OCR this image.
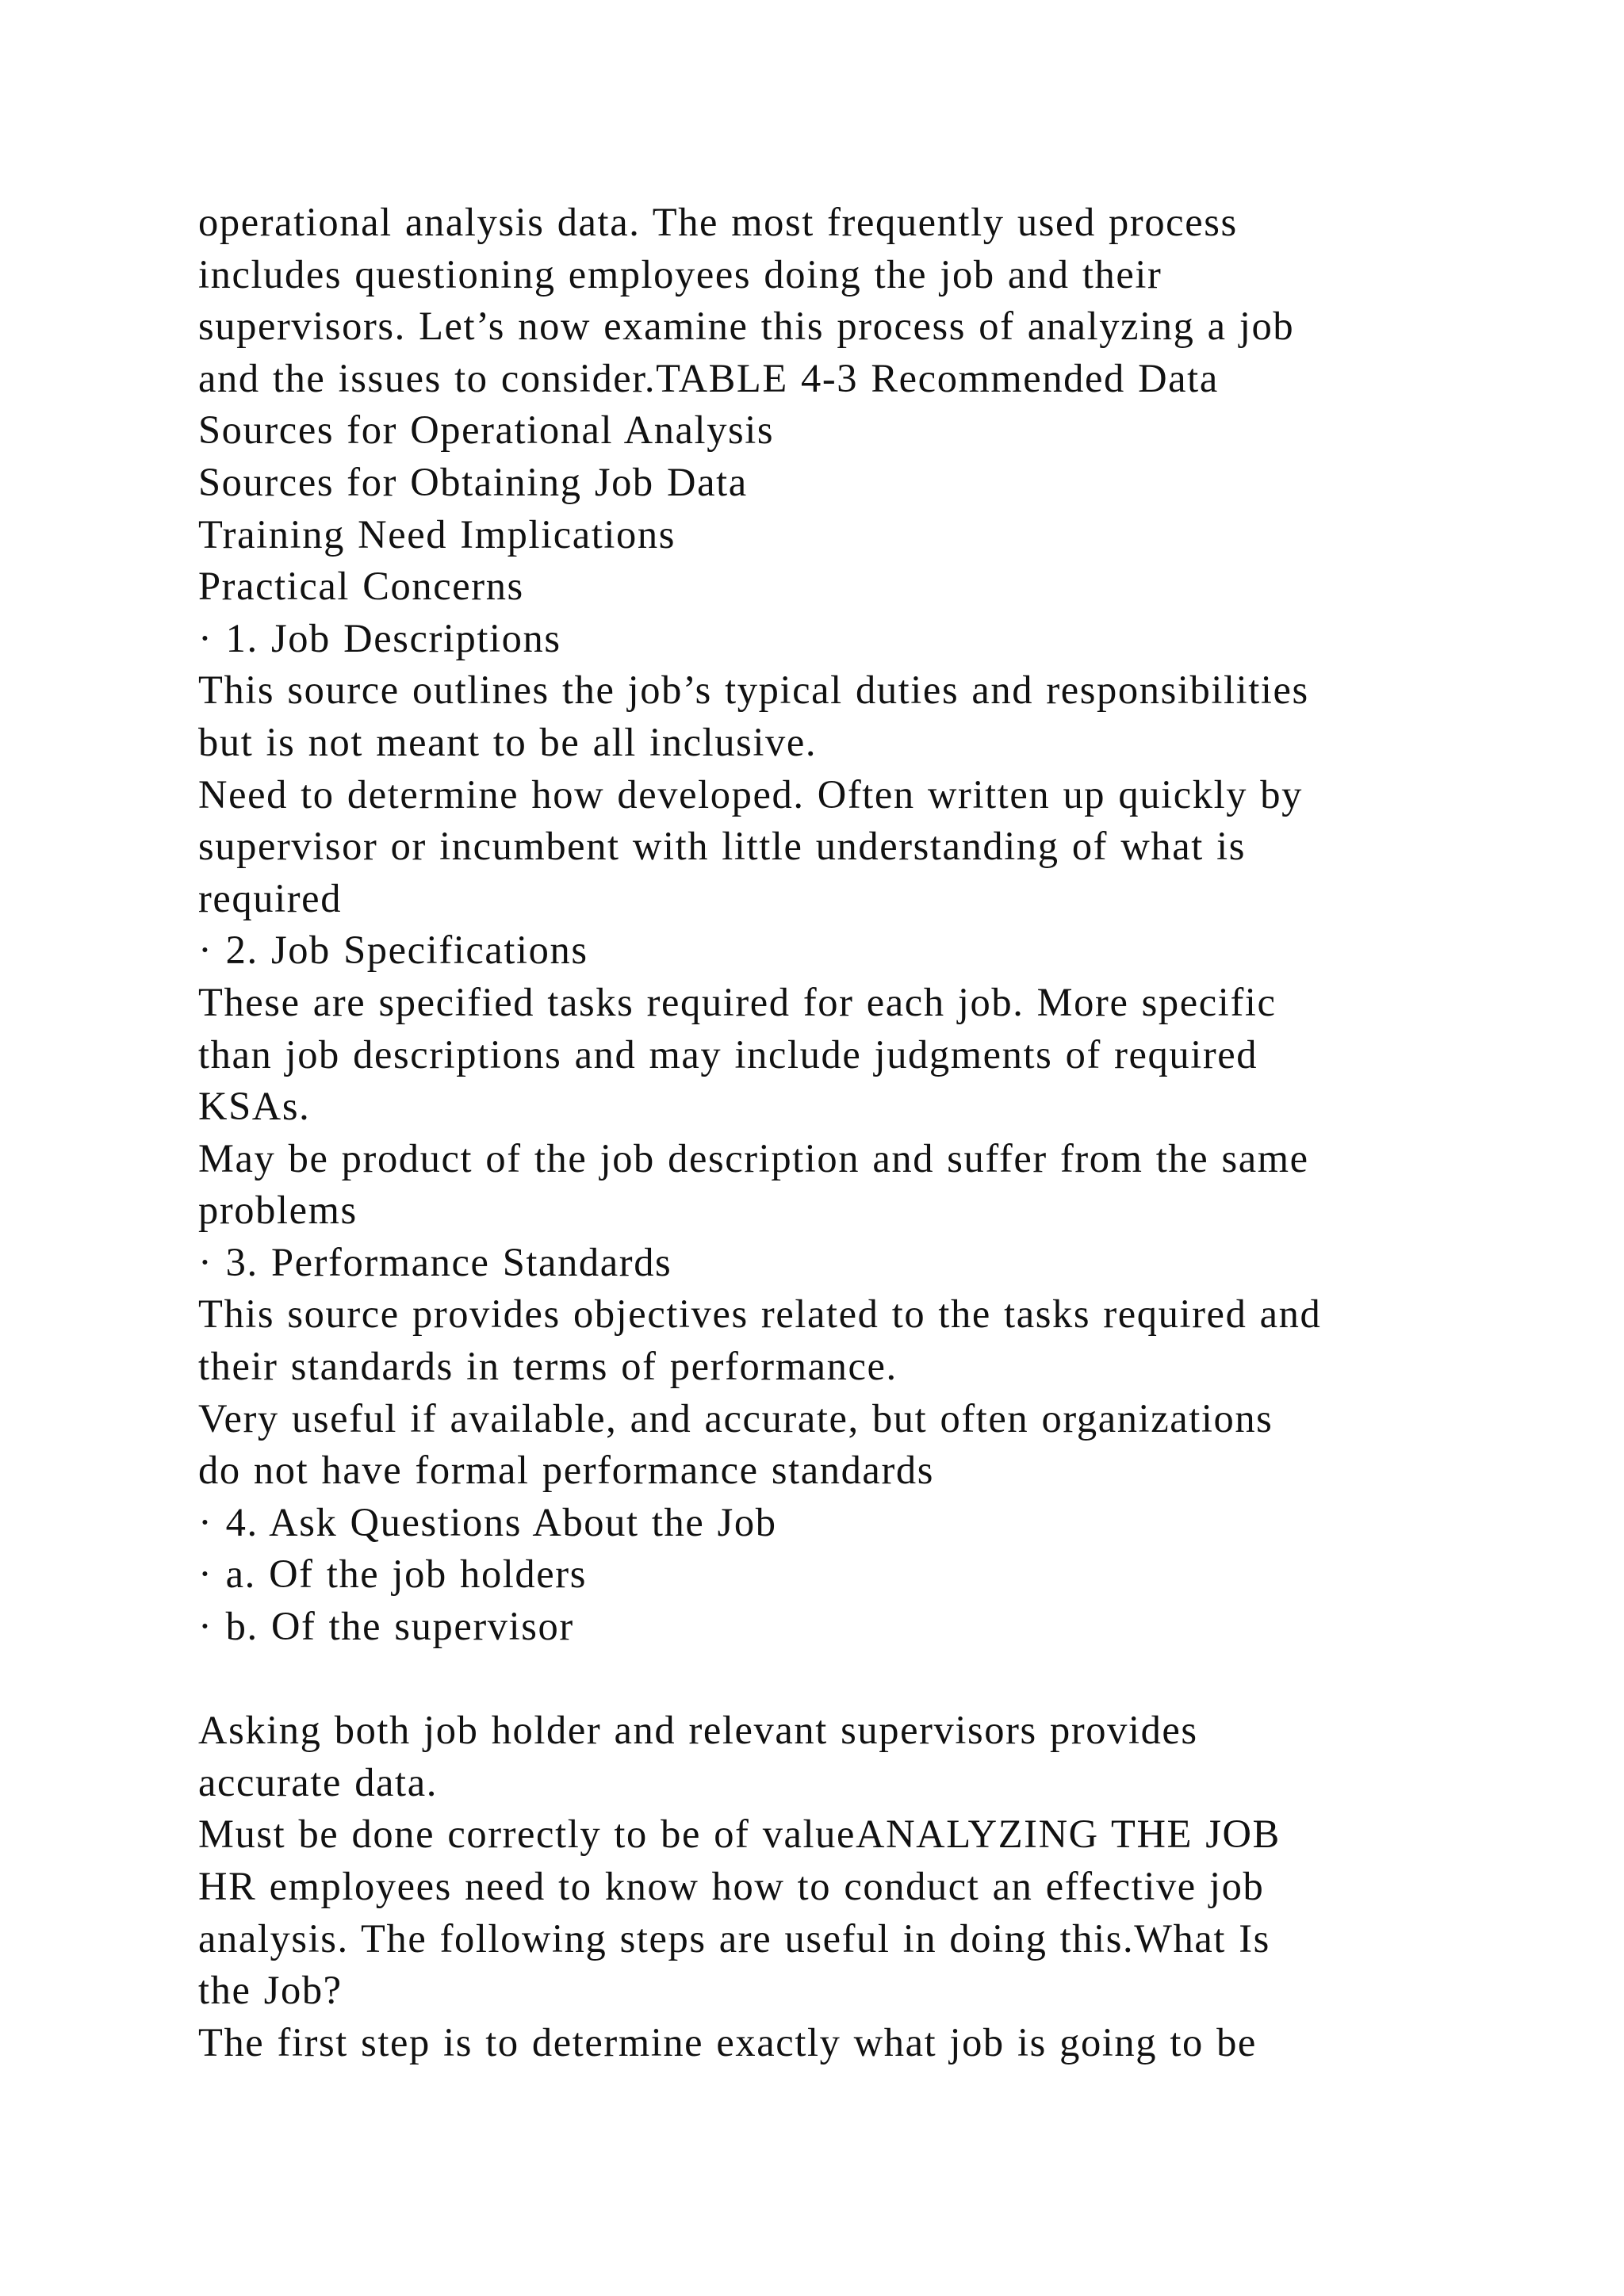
operational analysis data. The most frequently used process
includes questioning employees doing the job and their
supervisors. Let’s now examine this process of analyzing a job
and the issues to consider.TABLE 4-3 Recommended Data
Sources for Operational Analysis
Sources for Obtaining Job Data
Training Need Implications
Practical Concerns
· 1. Job Descriptions
This source outlines the job’s typical duties and responsibilities
but is not meant to be all inclusive.
Need to determine how developed. Often written up quickly by
supervisor or incumbent with little understanding of what is
required
· 2. Job Specifications
These are specified tasks required for each job. More specific
than job descriptions and may include judgments of required
KSAs.
May be product of the job description and suffer from the same
problems
· 3. Performance Standards
This source provides objectives related to the tasks required and
their standards in terms of performance.
Very useful if available, and accurate, but often organizations
do not have formal performance standards
· 4. Ask Questions About the Job
· a. Of the job holders
· b. Of the supervisor
Asking both job holder and relevant supervisors provides
accurate data.
Must be done correctly to be of valueANALYZING THE JOB
HR employees need to know how to conduct an effective job
analysis. The following steps are useful in doing this.What Is
the Job?
The first step is to determine exactly what job is going to be
